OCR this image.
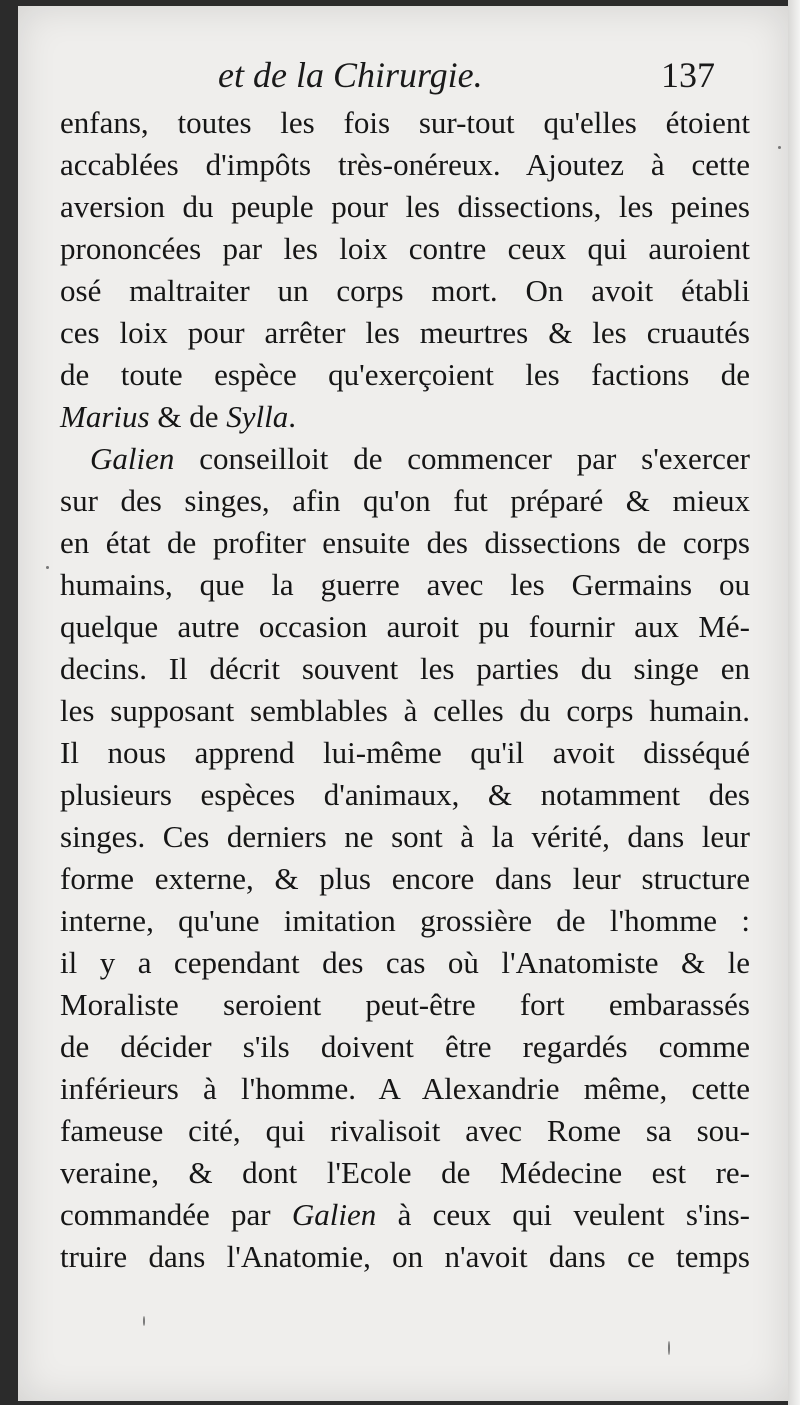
et de la Chirurgie.	137
enfans, toutes les fois sur-tout qu'elles étoient
accablées d'impôts très-onéreux. Ajoutez à cette
aversion du peuple pour les dissections, les peines
prononcées par les loix contre ceux qui auroient
osé maltraiter un corps mort. On avoit établi
ces loix pour arrêter les meurtres & les cruautés
de toute espèce qu'exerçoient les factions de
Marius & de Sylla.
Galien conseilloit de commencer par s'exercer
sur des singes, afin qu'on fut préparé & mieux
en état de profiter ensuite des dissections de corps
humains, que la guerre avec les Germains ou
quelque autre occasion auroit pu fournir aux Mé-
decins. Il décrit souvent les parties du singe en
les supposant semblables à celles du corps humain.
Il nous apprend lui-même qu'il avoit disséqué
plusieurs espèces d'animaux, & notamment des
singes. Ces derniers ne sont à la vérité, dans leur
forme externe, & plus encore dans leur structure
interne, qu'une imitation grossière de l'homme :
il y a cependant des cas où l'Anatomiste & le
Moraliste seroient peut-être fort embarassés
de décider s'ils doivent être regardés comme
inférieurs à l'homme. A Alexandrie même, cette
fameuse cité, qui rivalisoit avec Rome sa sou-
veraine, & dont l'Ecole de Médecine est re-
commandée par Galien à ceux qui veulent s'ins-
truire dans l'Anatomie, on n'avoit dans ce temps
